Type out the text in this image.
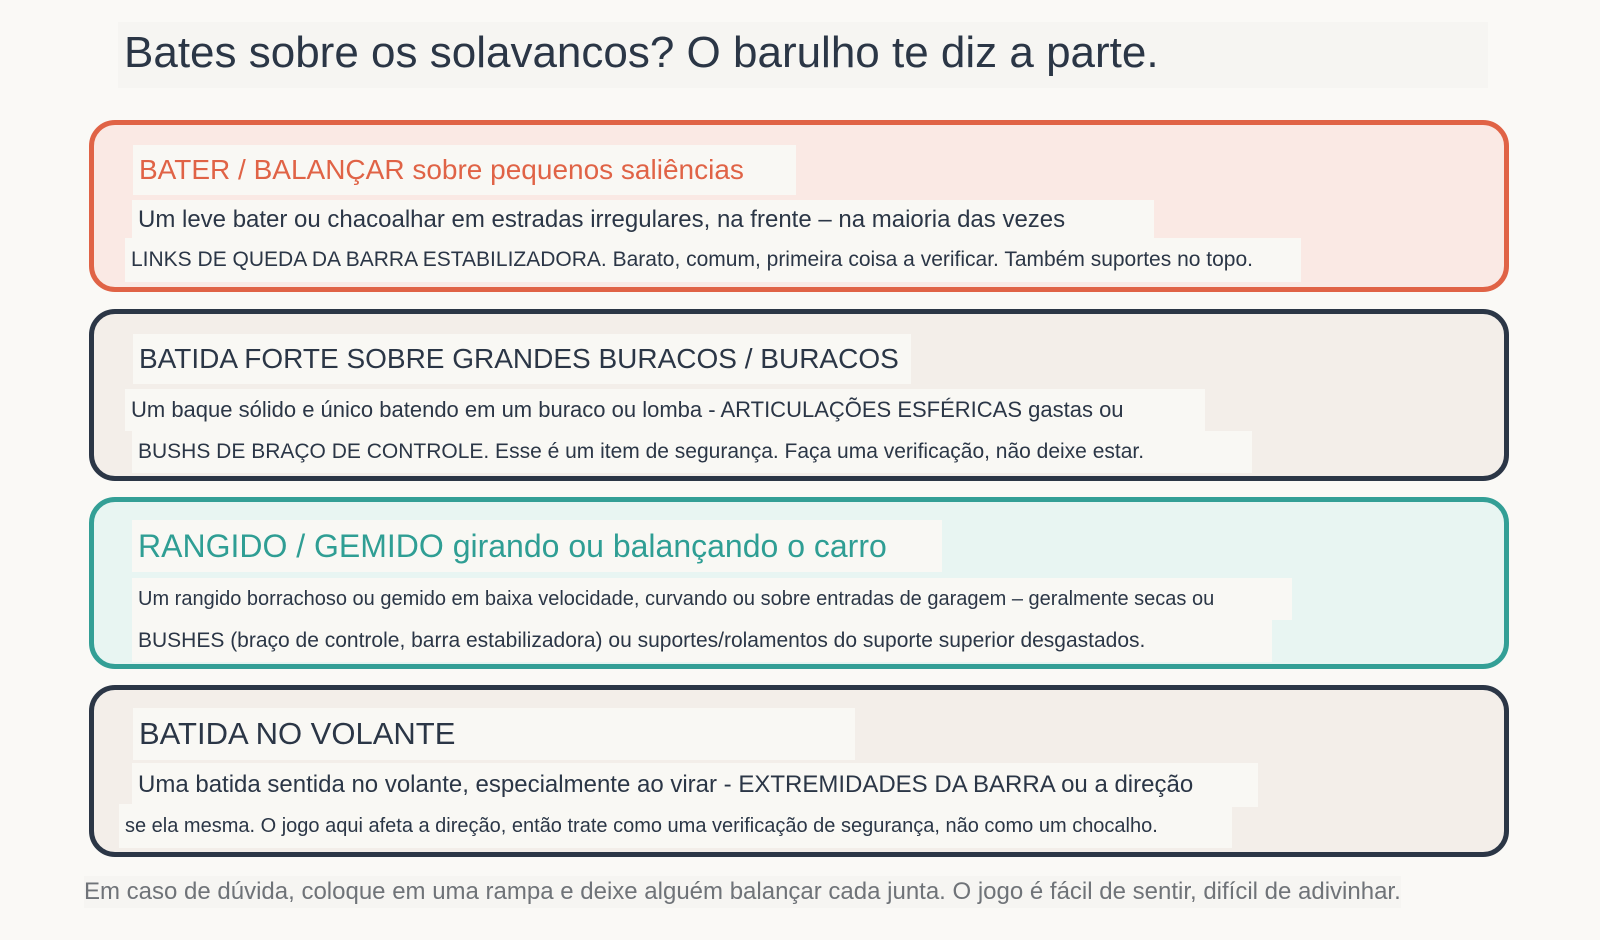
Bates sobre os solavancos? O barulho te diz a parte.
BATER / BALANÇAR sobre pequenos saliências
Um leve bater ou chacoalhar em estradas irregulares, na frente – na maioria das vezes
LINKS DE QUEDA DA BARRA ESTABILIZADORA. Barato, comum, primeira coisa a verificar. Também suportes no topo.
BATIDA FORTE SOBRE GRANDES BURACOS / BURACOS
Um baque sólido e único batendo em um buraco ou lomba - ARTICULAÇÕES ESFÉRICAS gastas ou
BUSHS DE BRAÇO DE CONTROLE. Esse é um item de segurança. Faça uma verificação, não deixe estar.
RANGIDO / GEMIDO girando ou balançando o carro
Um rangido borrachoso ou gemido em baixa velocidade, curvando ou sobre entradas de garagem – geralmente secas ou
BUSHES (braço de controle, barra estabilizadora) ou suportes/rolamentos do suporte superior desgastados.
BATIDA NO VOLANTE
Uma batida sentida no volante, especialmente ao virar - EXTREMIDADES DA BARRA ou a direção
se ela mesma. O jogo aqui afeta a direção, então trate como uma verificação de segurança, não como um chocalho.

Em caso de dúvida, coloque em uma rampa e deixe alguém balançar cada junta. O jogo é fácil de sentir, difícil de adivinhar.
